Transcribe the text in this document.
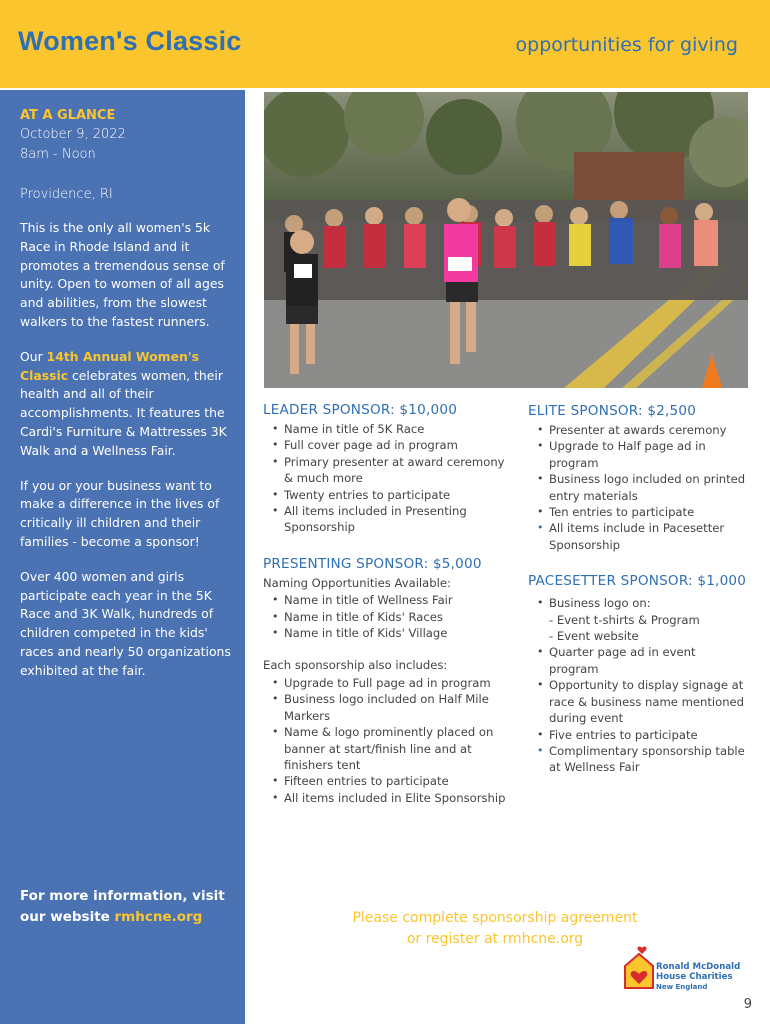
Women's Classic	opportunities for giving
AT A GLANCE
October 9, 2022
8am - Noon
Providence, RI
This is the only all women's 5k Race in Rhode Island and it promotes a tremendous sense of unity. Open to women of all ages and abilities, from the slowest walkers to the fastest runners.
Our 14th Annual Women's Classic celebrates women, their health and all of their accomplishments. It features the Cardi's Furniture & Mattresses 3K Walk and a Wellness Fair.
If you or your business want to make a difference in the lives of critically ill children and their families - become a sponsor!
Over 400 women and girls participate each year in the 5K Race and 3K Walk, hundreds of children competed in the kids' races and nearly 50 organizations exhibited at the fair.
For more information, visit our website rmhcne.org
LEADER SPONSOR: $10,000
• Name in title of 5K Race
• Full cover page ad in program
• Primary presenter at award ceremony & much more
• Twenty entries to participate
• All items included in Presenting Sponsorship
PRESENTING SPONSOR: $5,000
Naming Opportunities Available:
• Name in title of Wellness Fair
• Name in title of Kids' Races
• Name in title of Kids' Village
Each sponsorship also includes:
• Upgrade to Full page ad in program
• Business logo included on Half Mile Markers
• Name & logo prominently placed on banner at start/finish line and at finishers tent
• Fifteen entries to participate
• All items included in Elite Sponsorship
ELITE SPONSOR: $2,500
• Presenter at awards ceremony
• Upgrade to Half page ad in program
• Business logo included on printed entry materials
• Ten entries to participate
• All items include in Pacesetter Sponsorship
PACESETTER SPONSOR: $1,000
• Business logo on:
- Event t-shirts & Program
- Event website
• Quarter page ad in event program
• Opportunity to display signage at race & business name mentioned during event
• Five entries to participate
• Complimentary sponsorship table at Wellness Fair
Please complete sponsorship agreement
or register at rmhcne.org
Ronald McDonald
House Charities
New England
9
